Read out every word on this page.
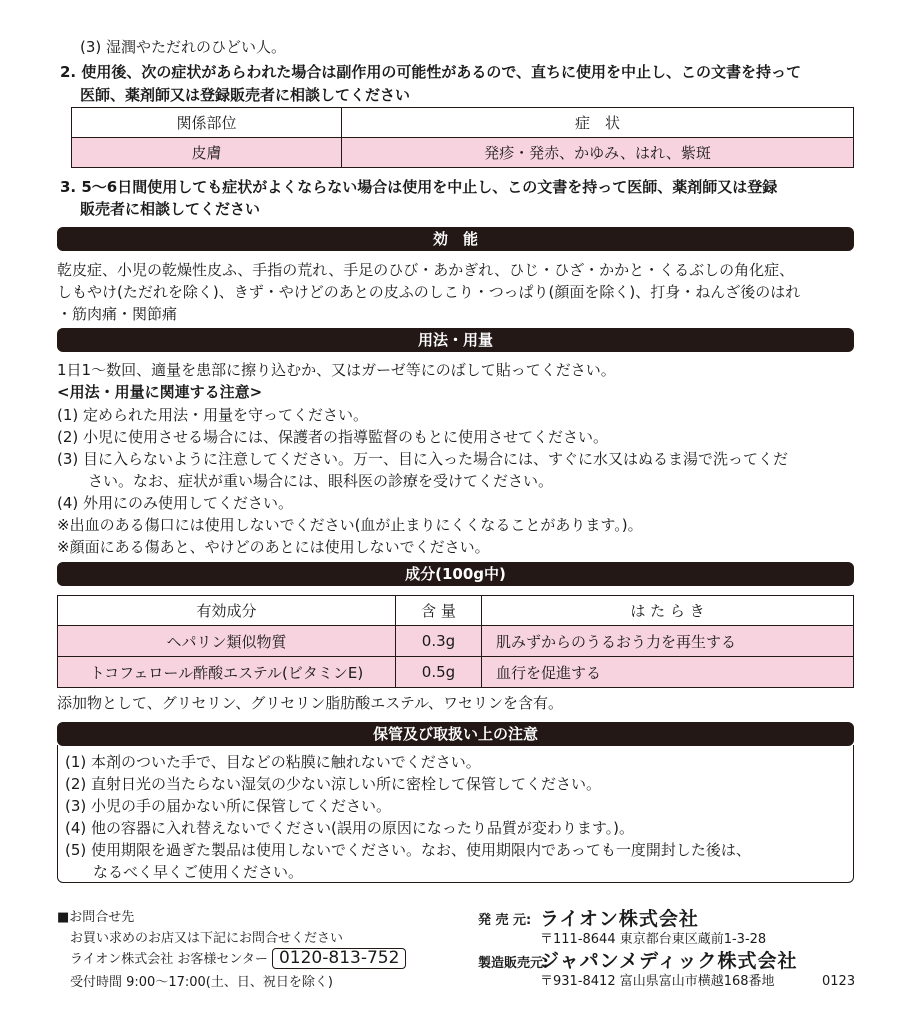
(3) 湿潤やただれのひどい人。
2. 使用後、次の症状があらわれた場合は副作用の可能性があるので、直ちに使用を中止し、この文書を持って
医師、薬剤師又は登録販売者に相談してください
関係部位	症　状
皮膚	発疹・発赤、かゆみ、はれ、紫斑
3. 5〜6日間使用しても症状がよくならない場合は使用を中止し、この文書を持って医師、薬剤師又は登録
販売者に相談してください
効　能
乾皮症、小児の乾燥性皮ふ、手指の荒れ、手足のひび・あかぎれ、ひじ・ひざ・かかと・くるぶしの角化症、
しもやけ(ただれを除く)、きず・やけどのあとの皮ふのしこり・つっぱり(顔面を除く)、打身・ねんざ後のはれ
・筋肉痛・関節痛
用法・用量
1日1〜数回、適量を患部に擦り込むか、又はガーゼ等にのばして貼ってください。
<用法・用量に関連する注意>
(1) 定められた用法・用量を守ってください。
(2) 小児に使用させる場合には、保護者の指導監督のもとに使用させてください。
(3) 目に入らないように注意してください。万一、目に入った場合には、すぐに水又はぬるま湯で洗ってくだ
さい。なお、症状が重い場合には、眼科医の診療を受けてください。
(4) 外用にのみ使用してください。
※出血のある傷口には使用しないでください(血が止まりにくくなることがあります。)。
※顔面にある傷あと、やけどのあとには使用しないでください。
成分(100g中)
有効成分	含 量	は た ら き
ヘパリン類似物質	0.3g	肌みずからのうるおう力を再生する
トコフェロール酢酸エステル(ビタミンE)	0.5g	血行を促進する
添加物として、グリセリン、グリセリン脂肪酸エステル、ワセリンを含有。
保管及び取扱い上の注意
(1) 本剤のついた手で、目などの粘膜に触れないでください。
(2) 直射日光の当たらない湿気の少ない涼しい所に密栓して保管してください。
(3) 小児の手の届かない所に保管してください。
(4) 他の容器に入れ替えないでください(誤用の原因になったり品質が変わります。)。
(5) 使用期限を過ぎた製品は使用しないでください。なお、使用期限内であっても一度開封した後は、
なるべく早くご使用ください。
■お問合せ先
お買い求めのお店又は下記にお問合せください
ライオン株式会社 お客様センター 0120-813-752
受付時間 9:00〜17:00(土、日、祝日を除く)
発 売 元: ライオン株式会社
〒111-8644 東京都台東区蔵前1-3-28
製造販売元:
ジャパンメディック株式会社
〒931-8412 富山県富山市横越168番地	0123
